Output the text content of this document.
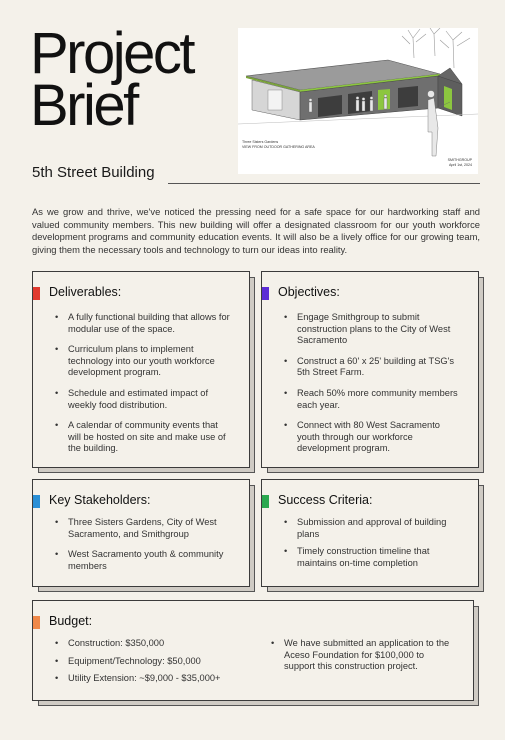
Project
Brief
5th Street Building
Three Sisters Gardens
VIEW FROM OUTDOOR GATHERING AREA
SMITHGROUP
April 1st, 2024

As we grow and thrive, we've noticed the pressing need for a safe space for our hardworking staff and valued community members. This new building will offer a designated classroom for our youth workforce development programs and community education events. It will also be a lively office for our growing team, giving them the necessary tools and technology to turn our ideas into reality.

Deliverables:
• A fully functional building that allows for modular use of the space.
• Curriculum plans to implement technology into our youth workforce development program.
• Schedule and estimated impact of weekly food distribution.
• A calendar of community events that will be hosted on site and make use of the building.
Objectives:
• Engage Smithgroup to submit construction plans to the City of West Sacramento
• Construct a 60' x 25' building at TSG's 5th Street Farm.
• Reach 50% more community members each year.
• Connect with 80 West Sacramento youth through our workforce development program.
Key Stakeholders:
• Three Sisters Gardens, City of West Sacramento, and Smithgroup
• West Sacramento youth & community members
Success Criteria:
• Submission and approval of building plans
• Timely construction timeline that maintains on-time completion
Budget:
• Construction: $350,000
• Equipment/Technology: $50,000
• Utility Extension: ~$9,000 - $35,000+
• We have submitted an application to the Aceso Foundation for $100,000 to support this construction project.
